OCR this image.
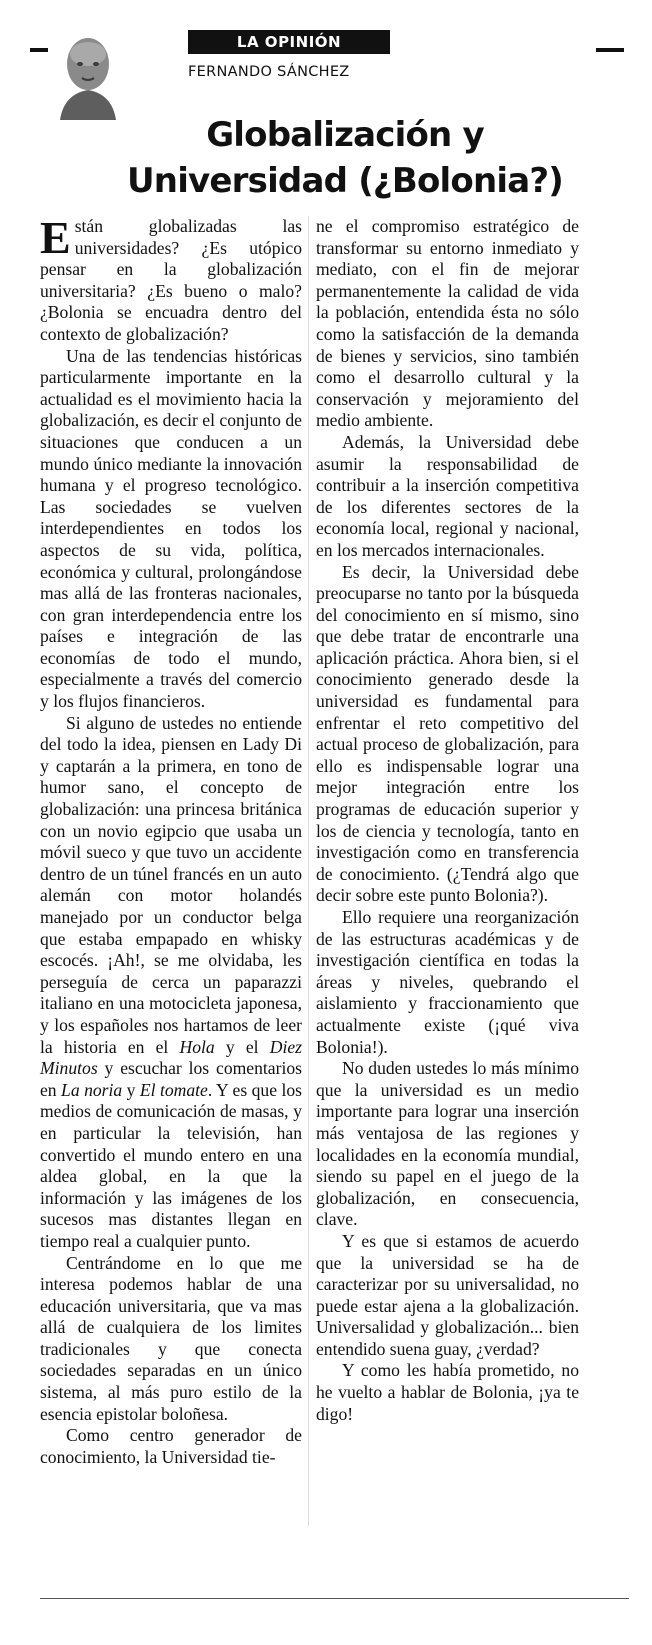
LA OPINIÓN
FERNANDO SÁNCHEZ
Globalización y
Universidad (¿Bolonia?)

Están globalizadas las universidades? ¿Es utópico pensar en la globalización universitaria? ¿Es bueno o malo? ¿Bolonia se encuadra dentro del contexto de globalización?

Una de las tendencias históricas particularmente importante en la actualidad es el movimiento hacia la globalización, es decir el conjunto de situaciones que conducen a un mundo único mediante la innovación humana y el progreso tecnológico. Las sociedades se vuelven interdependientes en todos los aspectos de su vida, política, económica y cultural, prolongándose mas allá de las fronteras nacionales, con gran interdependencia entre los países e integración de las economías de todo el mundo, especialmente a través del comercio y los flujos financieros.

Si alguno de ustedes no entiende del todo la idea, piensen en Lady Di y captarán a la primera, en tono de humor sano, el concepto de globalización: una princesa británica con un novio egipcio que usaba un móvil sueco y que tuvo un accidente dentro de un túnel francés en un auto alemán con motor holandés manejado por un conductor belga que estaba empapado en whisky escocés. ¡Ah!, se me olvidaba, les perseguía de cerca un paparazzi italiano en una motocicleta japonesa, y los españoles nos hartamos de leer la historia en el Hola y el Diez Minutos y escuchar los comentarios en La noria y El tomate. Y es que los medios de comunicación de masas, y en particular la televisión, han convertido el mundo entero en una aldea global, en la que la información y las imágenes de los sucesos mas distantes llegan en tiempo real a cualquier punto.

Centrándome en lo que me interesa podemos hablar de una educación universitaria, que va mas allá de cualquiera de los limites tradicionales y que conecta sociedades separadas en un único sistema, al más puro estilo de la esencia epistolar boloñesa.

Como centro generador de conocimiento, la Universidad tie-

ne el compromiso estratégico de transformar su entorno inmediato y mediato, con el fin de mejorar permanentemente la calidad de vida la población, entendida ésta no sólo como la satisfacción de la demanda de bienes y servicios, sino también como el desarrollo cultural y la conservación y mejoramiento del medio ambiente.

Además, la Universidad debe asumir la responsabilidad de contribuir a la inserción competitiva de los diferentes sectores de la economía local, regional y nacional, en los mercados internacionales.

Es decir, la Universidad debe preocuparse no tanto por la búsqueda del conocimiento en sí mismo, sino que debe tratar de encontrarle una aplicación práctica. Ahora bien, si el conocimiento generado desde la universidad es fundamental para enfrentar el reto competitivo del actual proceso de globalización, para ello es indispensable lograr una mejor integración entre los programas de educación superior y los de ciencia y tecnología, tanto en investigación como en transferencia de conocimiento. (¿Tendrá algo que decir sobre este punto Bolonia?).

Ello requiere una reorganización de las estructuras académicas y de investigación científica en todas la áreas y niveles, quebrando el aislamiento y fraccionamiento que actualmente existe (¡qué viva Bolonia!).

No duden ustedes lo más mínimo que la universidad es un medio importante para lograr una inserción más ventajosa de las regiones y localidades en la economía mundial, siendo su papel en el juego de la globalización, en consecuencia, clave.

Y es que si estamos de acuerdo que la universidad se ha de caracterizar por su universalidad, no puede estar ajena a la globalización. Universalidad y globalización... bien entendido suena guay, ¿verdad?

Y como les había prometido, no he vuelto a hablar de Bolonia, ¡ya te digo!
